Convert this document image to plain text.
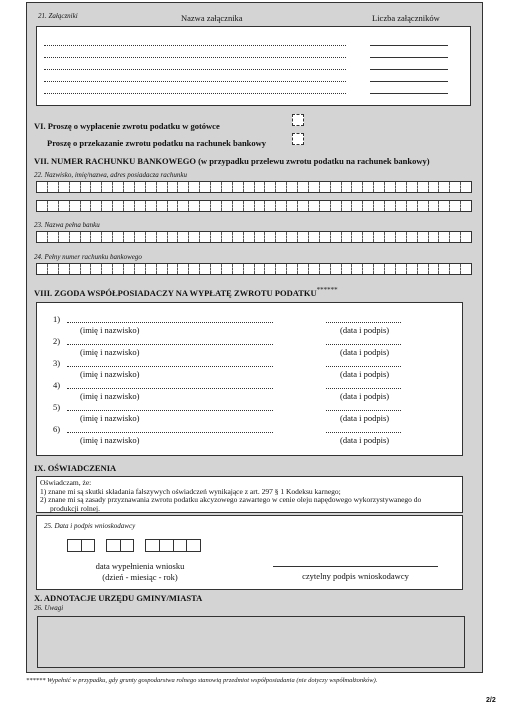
21. Załączniki	Nazwa załącznika	Liczba załączników
VI. Proszę o wypłacenie zwrotu podatku w gotówce
Proszę o przekazanie zwrotu podatku na rachunek bankowy
VII. NUMER RACHUNKU BANKOWEGO (w przypadku przelewu zwrotu podatku na rachunek bankowy)
22. Nazwisko, imię/nazwa, adres posiadacza rachunku
23. Nazwa pełna banku
24. Pełny numer rachunku bankowego
VIII. ZGODA WSPÓŁPOSIADACZY NA WYPŁATĘ ZWROTU PODATKU******
1)
(imię i nazwisko)	(data i podpis)
2)
(imię i nazwisko)	(data i podpis)
3)
(imię i nazwisko)	(data i podpis)
4)
(imię i nazwisko)	(data i podpis)
5)
(imię i nazwisko)	(data i podpis)
6)
(imię i nazwisko)	(data i podpis)
IX. OŚWIADCZENIA
Oświadczam, że:
1) znane mi są skutki składania fałszywych oświadczeń wynikające z art. 297 § 1 Kodeksu karnego;
2) znane mi są zasady przyznawania zwrotu podatku akcyzowego zawartego w cenie oleju napędowego wykorzystywanego do
produkcji rolnej.
25. Data i podpis wnioskodawcy
data wypełnienia wniosku
(dzień - miesiąc - rok)	czytelny podpis wnioskodawcy
X. ADNOTACJE URZĘDU GMINY/MIASTA
26. Uwagi
****** Wypełnić w przypadku, gdy grunty gospodarstwa rolnego stanowią przedmiot współposiadania (nie dotyczy współmałżonków).
2/2
